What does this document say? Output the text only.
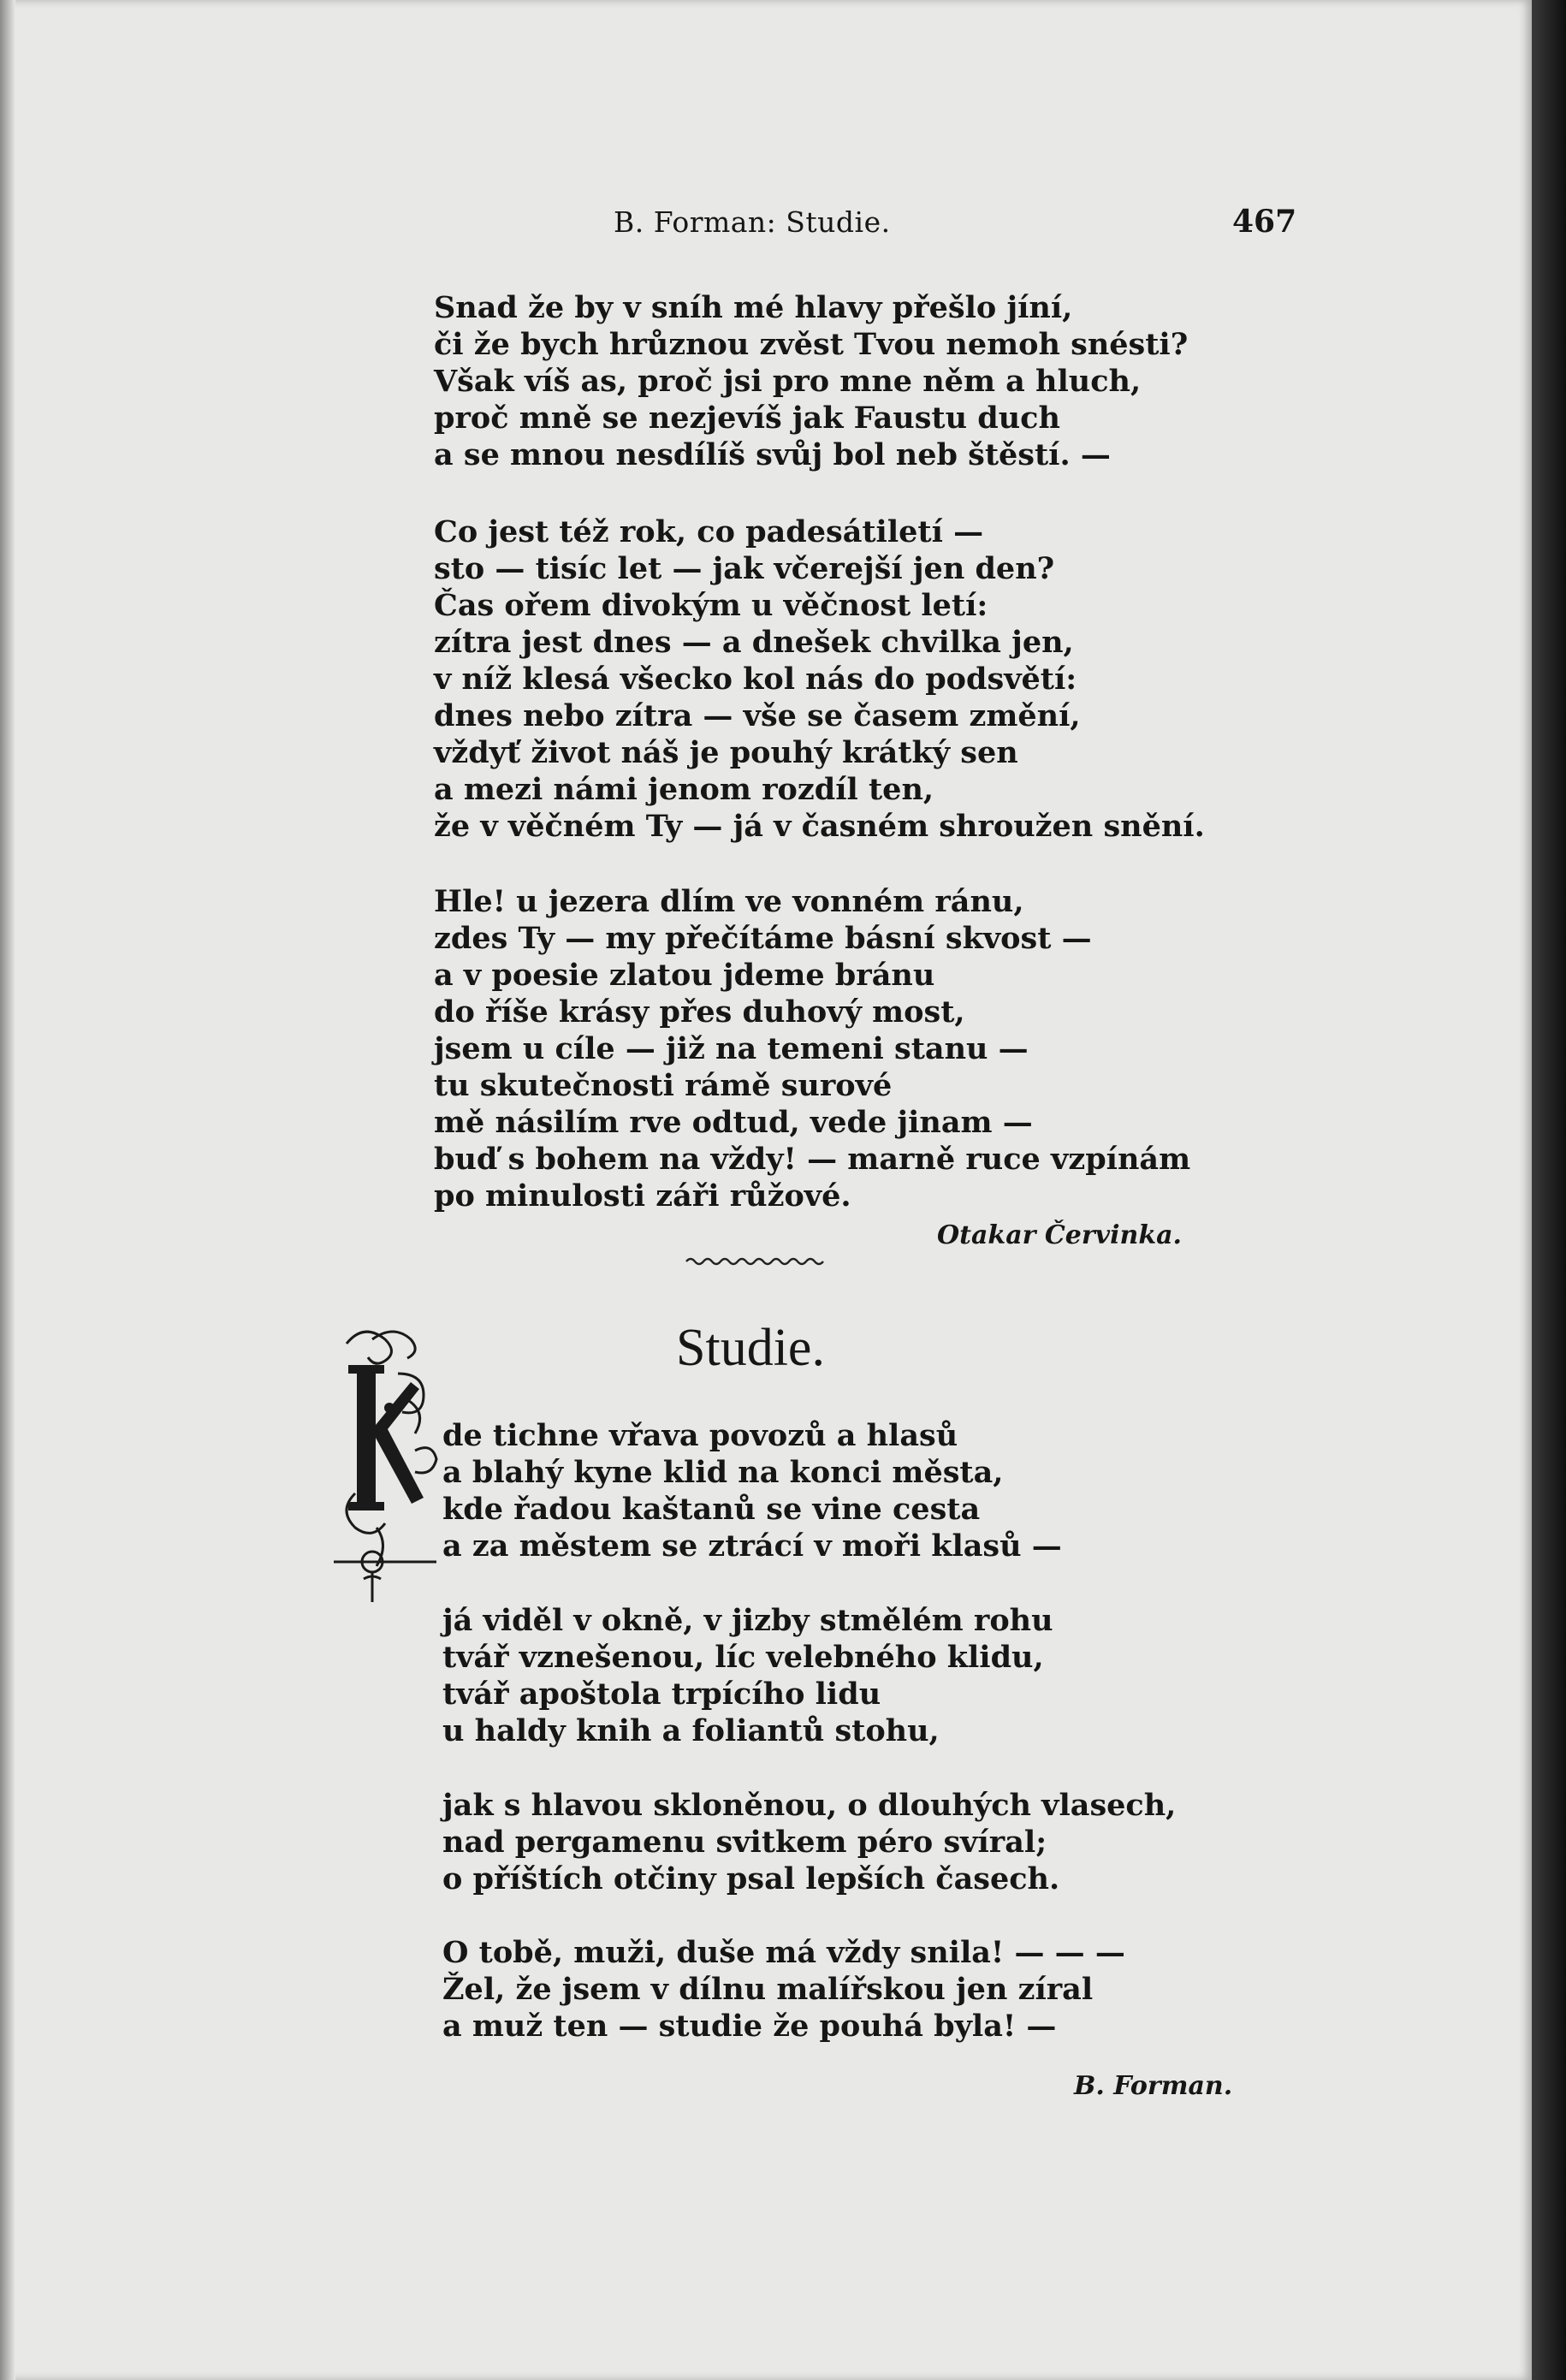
B. Forman: Studie.	467
Snad že by v sníh mé hlavy přešlo jíní,
či že bych hrůznou zvěst Tvou nemoh snésti?
Však víš as, proč jsi pro mne něm a hluch,
proč mně se nezjevíš jak Faustu duch
a se mnou nesdílíš svůj bol neb štěstí. —
Co jest též rok, co padesátiletí —
sto — tisíc let — jak včerejší jen den?
Čas ořem divokým u věčnost letí:
zítra jest dnes — a dnešek chvilka jen,
v níž klesá všecko kol nás do podsvětí:
dnes nebo zítra — vše se časem změní,
vždyť život náš je pouhý krátký sen
a mezi námi jenom rozdíl ten,
že v věčném Ty — já v časném shroužen snění.
Hle! u jezera dlím ve vonném ránu,
zdes Ty — my přečítáme básní skvost —
a v poesie zlatou jdeme bránu
do říše krásy přes duhový most,
jsem u cíle — již na temeni stanu —
tu skutečnosti rámě surové
mě násilím rve odtud, vede jinam —
buď s bohem na vždy! — marně ruce vzpínám
po minulosti záři růžové.
Otakar Červinka.
Studie.
de tichne vřava povozů a hlasů
a blahý kyne klid na konci města,
kde řadou kaštanů se vine cesta
a za městem se ztrácí v moři klasů —
já viděl v okně, v jizby stmělém rohu
tvář vznešenou, líc velebného klidu,
tvář apoštola trpícího lidu
u haldy knih a foliantů stohu,
jak s hlavou skloněnou, o dlouhých vlasech,
nad pergamenu svitkem péro svíral;
o příštích otčiny psal lepších časech.
O tobě, muži, duše má vždy snila! — — —
Žel, že jsem v dílnu malířskou jen zíral
a muž ten — studie že pouhá byla! —
B. Forman.
